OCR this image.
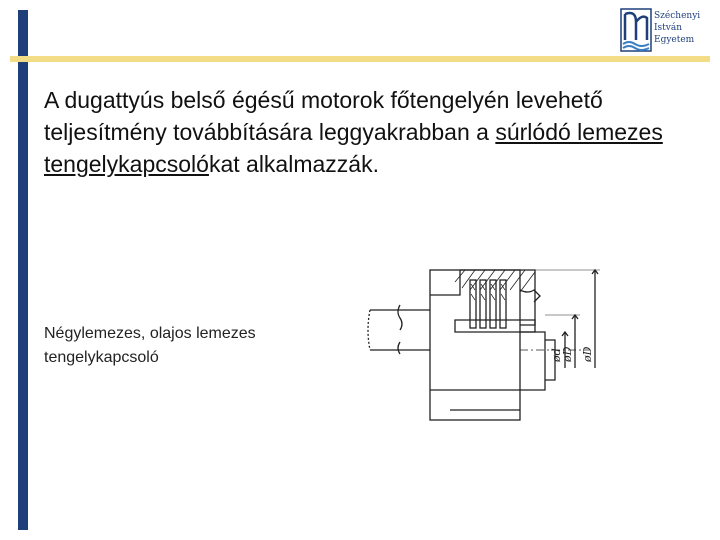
Széchenyi
István
Egyetem
A dugattyús belső égésű motorok főtengelyén levehető teljesítmény továbbítására leggyakrabban a súrlódó lemezes tengelykapcsolókat alkalmazzák.
Négylemezes, olajos lemezes tengelykapcsoló	ød
øD øD
